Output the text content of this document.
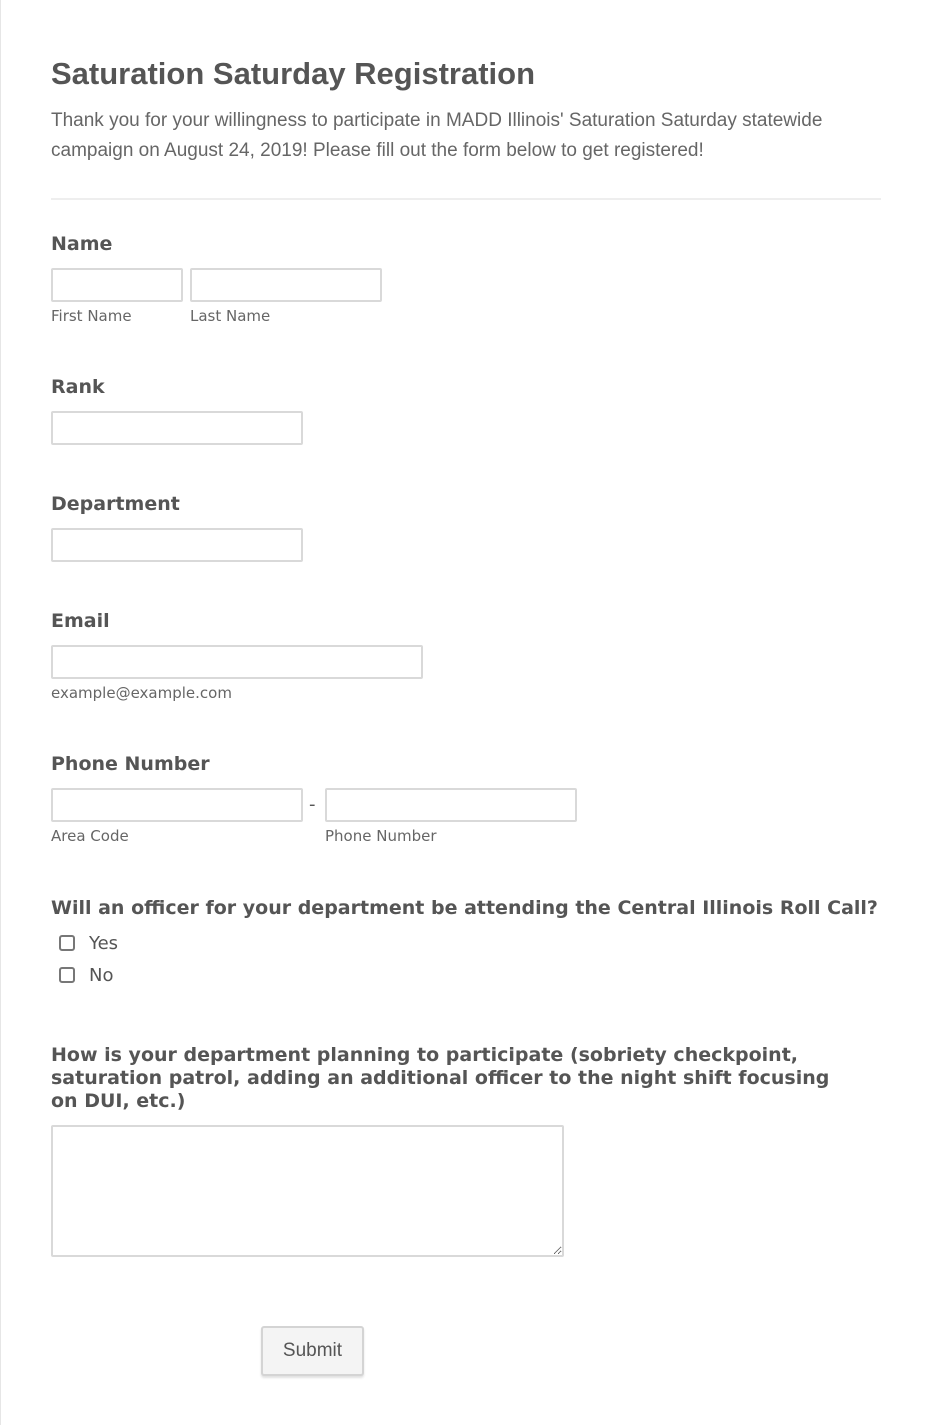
Saturation Saturday Registration

Thank you for your willingness to participate in MADD Illinois' Saturation Saturday statewide campaign on August 24, 2019! Please fill out the form below to get registered!

Name
First Name	Last Name
Rank
Department
Email
example@example.com
Phone Number
-
Area Code	Phone Number
Will an officer for your department be attending the Central Illinois Roll Call?
Yes
No
How is your department planning to participate (sobriety checkpoint, saturation patrol, adding an additional officer to the night shift focusing on DUI, etc.)
Submit
